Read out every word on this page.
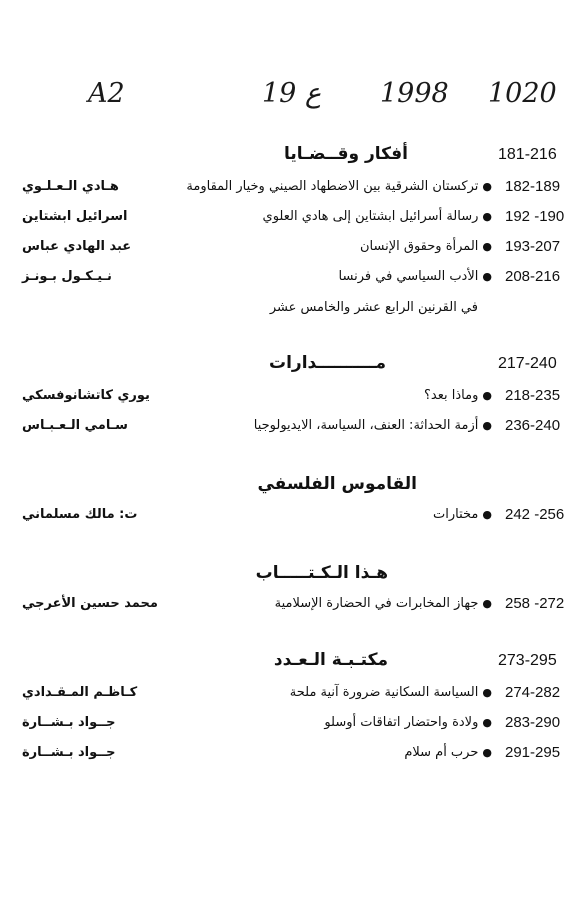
A2	19 ع 1998 1020
181-216
أفكار وقــضـايا
182-189
●تركستان الشرقية بين الاضطهاد الصيني وخيار المقاومة
هـادي الـعـلـوي
192 -190
●رسالة أسرائيل ابشتاين إلى هادي العلوي
اسرائيل ابشتاين
193-207
●المرأة وحقوق الإنسان
عبد الهادي عباس
208-216
●الأدب السياسي في فرنسا
نـيـكـول بـونـز
في القرنين الرابع عشر والخامس عشر
217-240
مــــــــــدارات
218-235
●وماذا بعد؟
يوري كاتشانوفسكي
236-240
●أزمة الحداثة: العنف، السياسة، الايديولوجيا
سـامي الـعـبـاس
القاموس الفلسفي
242 -256
●مختارات
ت: مالك مسلماني
هـذا الـكـتـــــاب
258 -272
●جهاز المخابرات في الحضارة الإسلامية
محمد حسين الأعرجي
273-295
مكتـبـة الـعـدد
274-282
●السياسة السكانية ضرورة آنية ملحة
كـاظـم المـقـدادي
283-290
●ولادة واحتضار اتفاقات أوسلو
جــواد بـشــارة
291-295
●حرب أم سلام
جــواد بـشــارة
